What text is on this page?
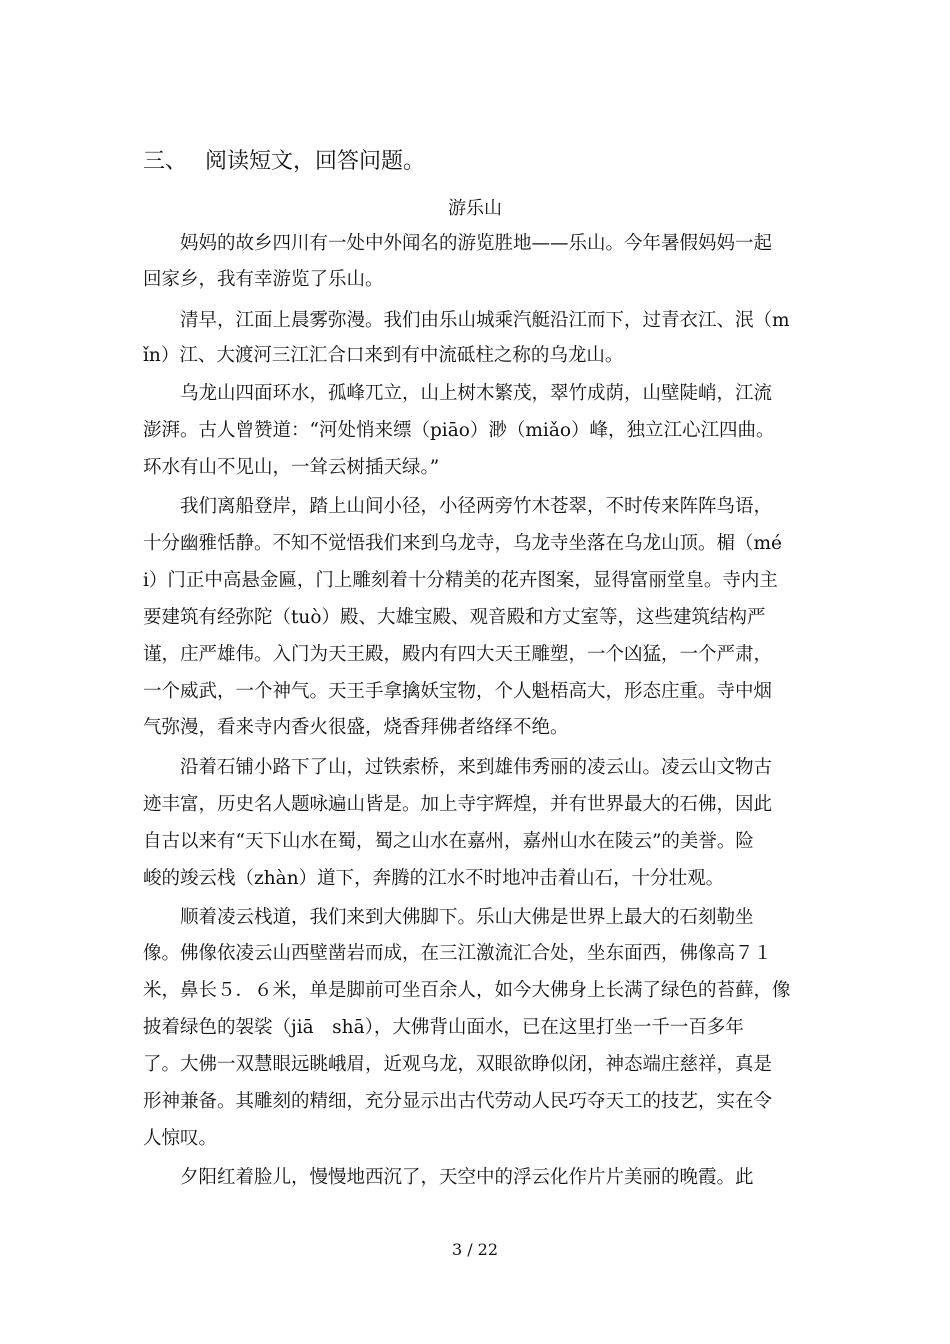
三、 阅读短文，回答问题。
游乐山
　　妈妈的故乡四川有一处中外闻名的游览胜地——乐山。今年暑假妈妈一起
回家乡，我有幸游览了乐山。
　　清早，江面上晨雾弥漫。我们由乐山城乘汽艇沿江而下，过青衣江、泯（m
ǐn）江、大渡河三江汇合口来到有中流砥柱之称的乌龙山。
　　乌龙山四面环水，孤峰兀立，山上树木繁茂，翠竹成荫，山壁陡峭，江流
澎湃。古人曾赞道：“河处悄来缥（piāo）渺（miǎo）峰，独立江心江四曲。
环水有山不见山，一耸云树插天绿。”
　　我们离船登岸，踏上山间小径，小径两旁竹木苍翠，不时传来阵阵鸟语，
十分幽雅恬静。不知不觉悟我们来到乌龙寺，乌龙寺坐落在乌龙山顶。楣（mé
i）门正中高悬金匾，门上雕刻着十分精美的花卉图案，显得富丽堂皇。寺内主
要建筑有经弥陀（tuò）殿、大雄宝殿、观音殿和方丈室等，这些建筑结构严
谨，庄严雄伟。入门为天王殿，殿内有四大天王雕塑，一个凶猛，一个严肃，
一个威武，一个神气。天王手拿擒妖宝物，个人魁梧高大，形态庄重。寺中烟
气弥漫，看来寺内香火很盛，烧香拜佛者络绎不绝。
　　沿着石铺小路下了山，过铁索桥，来到雄伟秀丽的凌云山。凌云山文物古
迹丰富，历史名人题咏遍山皆是。加上寺宇辉煌，并有世界最大的石佛，因此
自古以来有“天下山水在蜀，蜀之山水在嘉州，嘉州山水在陵云”的美誉。险
峻的竣云栈（zhàn）道下，奔腾的江水不时地冲击着山石，十分壮观。
　　顺着凌云栈道，我们来到大佛脚下。乐山大佛是世界上最大的石刻勒坐
像。佛像依凌云山西壁凿岩而成，在三江激流汇合处，坐东面西，佛像高７１
米，鼻长５．６米，单是脚前可坐百余人，如今大佛身上长满了绿色的苔藓，像
披着绿色的袈裟（jiā　shā），大佛背山面水，已在这里打坐一千一百多年
了。大佛一双慧眼远眺峨眉，近观乌龙，双眼欲睁似闭，神态端庄慈祥，真是
形神兼备。其雕刻的精细，充分显示出古代劳动人民巧夺天工的技艺，实在令
人惊叹。
　　夕阳红着脸儿，慢慢地西沉了，天空中的浮云化作片片美丽的晚霞。此
3 / 22
